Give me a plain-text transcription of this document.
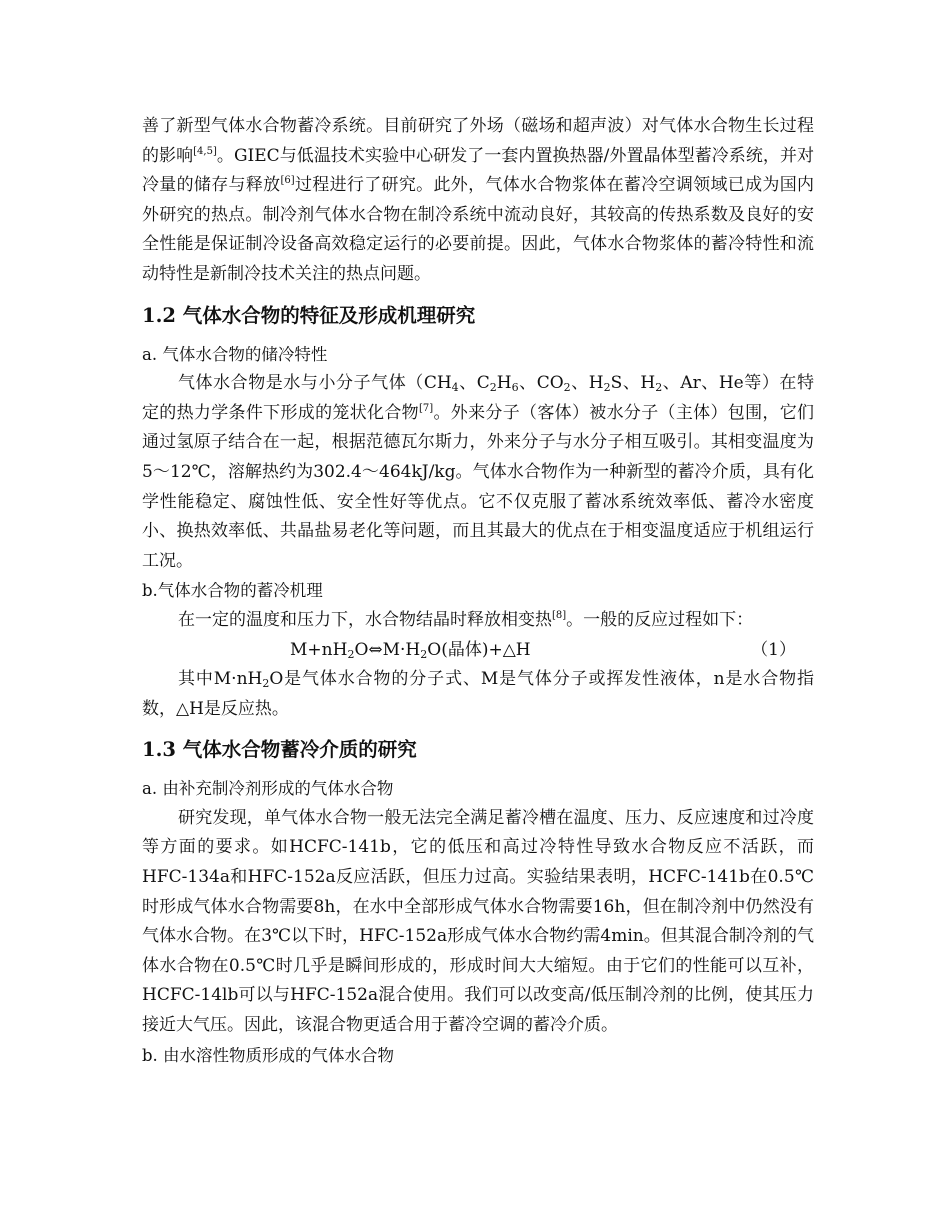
善了新型气体水合物蓄冷系统。目前研究了外场（磁场和超声波）对气体水合物生长过程的影响[4,5]。GIEC与低温技术实验中心研发了一套内置换热器/外置晶体型蓄冷系统，并对冷量的储存与释放[6]过程进行了研究。此外，气体水合物浆体在蓄冷空调领域已成为国内外研究的热点。制冷剂气体水合物在制冷系统中流动良好，其较高的传热系数及良好的安全性能是保证制冷设备高效稳定运行的必要前提。因此，气体水合物浆体的蓄冷特性和流动特性是新制冷技术关注的热点问题。

1.2 气体水合物的特征及形成机理研究

a. 气体水合物的储冷特性

气体水合物是水与小分子气体（$CH_4$、$C_2H_6$、$CO_2$、$H_2S$、$H_2$、Ar、He等）在特定的热力学条件下形成的笼状化合物[7]。外来分子（客体）被水分子（主体）包围，它们通过氢原子结合在一起，根据范德瓦尔斯力，外来分子与水分子相互吸引。其相变温度为5～12℃，溶解热约为302.4～464kJ/kg。气体水合物作为一种新型的蓄冷介质，具有化学性能稳定、腐蚀性低、安全性好等优点。它不仅克服了蓄冰系统效率低、蓄冷水密度小、换热效率低、共晶盐易老化等问题，而且其最大的优点在于相变温度适应于机组运行工况。

b.气体水合物的蓄冷机理

在一定的温度和压力下，水合物结晶时释放相变热[8]。一般的反应过程如下：

$M+nH_2O\Leftrightarrow M\cdot H_2O$(晶体)+△H	（1）

其中$M\cdot nH_2O$是气体水合物的分子式、M是气体分子或挥发性液体，n是水合物指数，△H是反应热。

1.3 气体水合物蓄冷介质的研究

a. 由补充制冷剂形成的气体水合物

研究发现，单气体水合物一般无法完全满足蓄冷槽在温度、压力、反应速度和过冷度等方面的要求。如HCFC-141b，它的低压和高过冷特性导致水合物反应不活跃，而HFC-134a和HFC-152a反应活跃，但压力过高。实验结果表明，HCFC-141b在0.5℃时形成气体水合物需要8h，在水中全部形成气体水合物需要16h，但在制冷剂中仍然没有气体水合物。在3℃以下时，HFC-152a形成气体水合物约需4min。但其混合制冷剂的气体水合物在0.5℃时几乎是瞬间形成的，形成时间大大缩短。由于它们的性能可以互补，HCFC-14lb可以与HFC-152a混合使用。我们可以改变高/低压制冷剂的比例，使其压力接近大气压。因此，该混合物更适合用于蓄冷空调的蓄冷介质。

b. 由水溶性物质形成的气体水合物
